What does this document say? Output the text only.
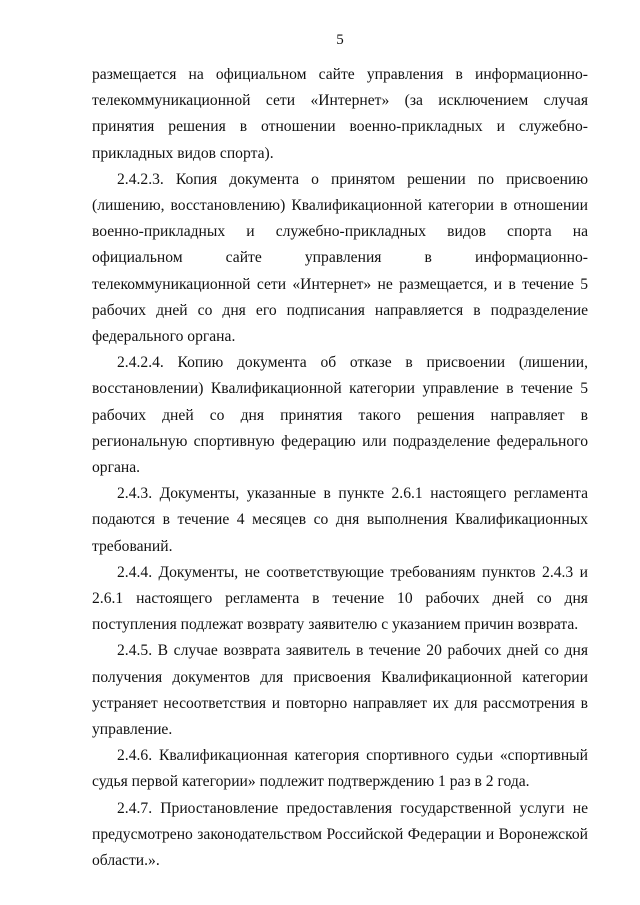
5

размещается на официальном сайте управления в информационно-телекоммуникационной сети «Интернет» (за исключением случая принятия решения в отношении военно-прикладных и служебно-прикладных видов спорта).

2.4.2.3. Копия документа о принятом решении по присвоению (лишению, восстановлению) Квалификационной категории в отношении военно-прикладных и служебно-прикладных видов спорта на официальном сайте управления в информационно-телекоммуникационной сети «Интернет» не размещается, и в течение 5 рабочих дней со дня его подписания направляется в подразделение федерального органа.

2.4.2.4. Копию документа об отказе в присвоении (лишении, восстановлении) Квалификационной категории управление в течение 5 рабочих дней со дня принятия такого решения направляет в региональную спортивную федерацию или подразделение федерального органа.

2.4.3. Документы, указанные в пункте 2.6.1 настоящего регламента подаются в течение 4 месяцев со дня выполнения Квалификационных требований.

2.4.4. Документы, не соответствующие требованиям пунктов 2.4.3 и 2.6.1 настоящего регламента в течение 10 рабочих дней со дня поступления подлежат возврату заявителю с указанием причин возврата.

2.4.5. В случае возврата заявитель в течение 20 рабочих дней со дня получения документов для присвоения Квалификационной категории устраняет несоответствия и повторно направляет их для рассмотрения в управление.

2.4.6. Квалификационная категория спортивного судьи «спортивный судья первой категории» подлежит подтверждению 1 раз в 2 года.

2.4.7. Приостановление предоставления государственной услуги не предусмотрено законодательством Российской Федерации и Воронежской области.».
